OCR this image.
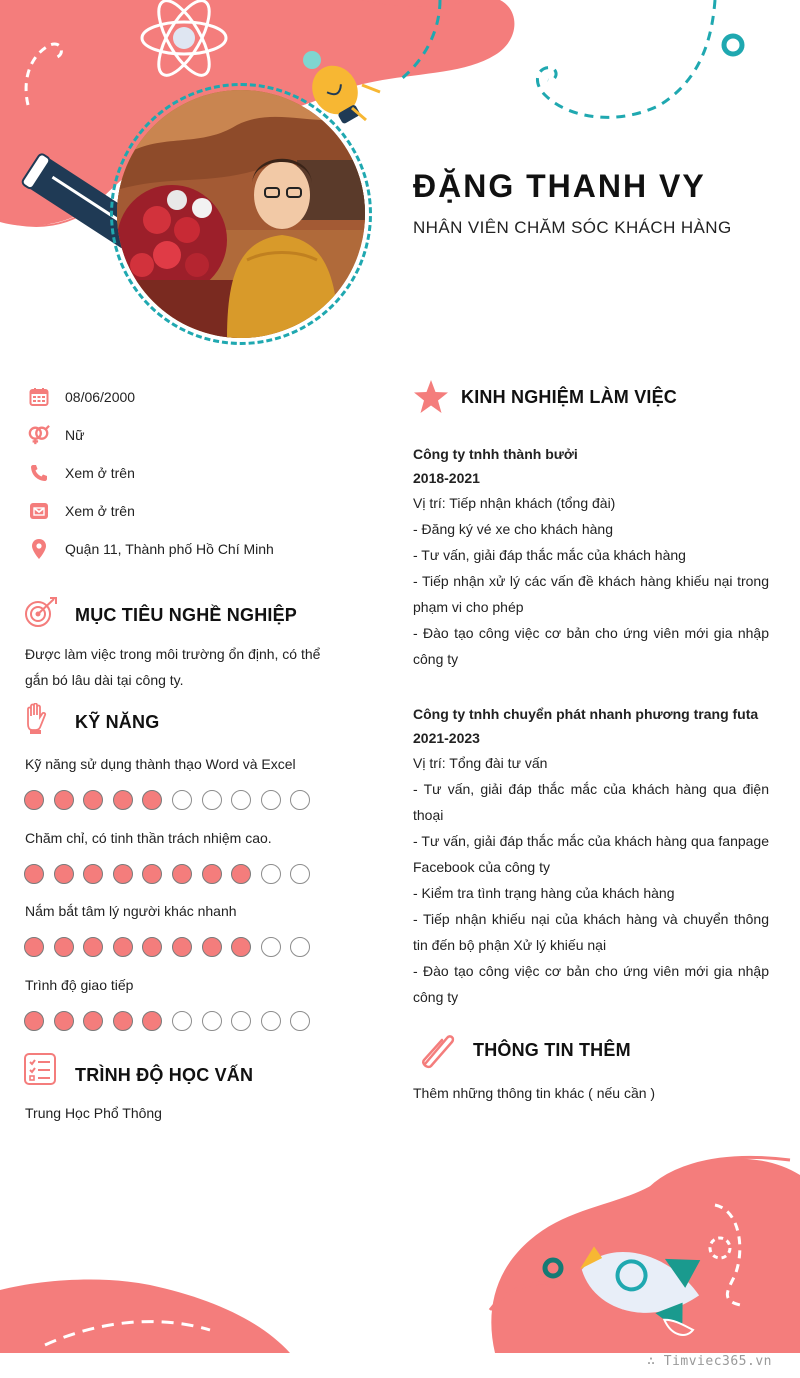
ĐẶNG THANH VY
NHÂN VIÊN CHĂM SÓC KHÁCH HÀNG
08/06/2000
Nữ
Xem ở trên
Xem ở trên
Quận 11, Thành phố Hồ Chí Minh
MỤC TIÊU NGHỀ NGHIỆP
Được làm việc trong môi trường ổn định, có thể gắn bó lâu dài tại công ty.
KỸ NĂNG
Kỹ năng sử dụng thành thạo Word và Excel
Chăm chỉ, có tinh thần trách nhiệm cao.
Nắm bắt tâm lý người khác nhanh
Trình độ giao tiếp
TRÌNH ĐỘ HỌC VẤN
Trung Học Phổ Thông
KINH NGHIỆM LÀM VIỆC
Công ty tnhh thành bưởi
2018-2021
Vị trí: Tiếp nhận khách (tổng đài)
- Đăng ký vé xe cho khách hàng
- Tư vấn, giải đáp thắc mắc của khách hàng
- Tiếp nhận xử lý các vấn đề khách hàng khiếu nại trong phạm vi cho phép
- Đào tạo công việc cơ bản cho ứng viên mới gia nhập công ty
Công ty tnhh chuyển phát nhanh phương trang futa
2021-2023
Vị trí: Tổng đài tư vấn
- Tư vấn, giải đáp thắc mắc của khách hàng qua điện thoại
- Tư vấn, giải đáp thắc mắc của khách hàng qua fanpage Facebook của công ty
- Kiểm tra tình trạng hàng của khách hàng
- Tiếp nhận khiếu nại của khách hàng và chuyển thông tin đến bộ phận Xử lý khiếu nại
- Đào tạo công việc cơ bản cho ứng viên mới gia nhập công ty
THÔNG TIN THÊM
Thêm những thông tin khác ( nếu cần )
∴ Timviec365.vn
